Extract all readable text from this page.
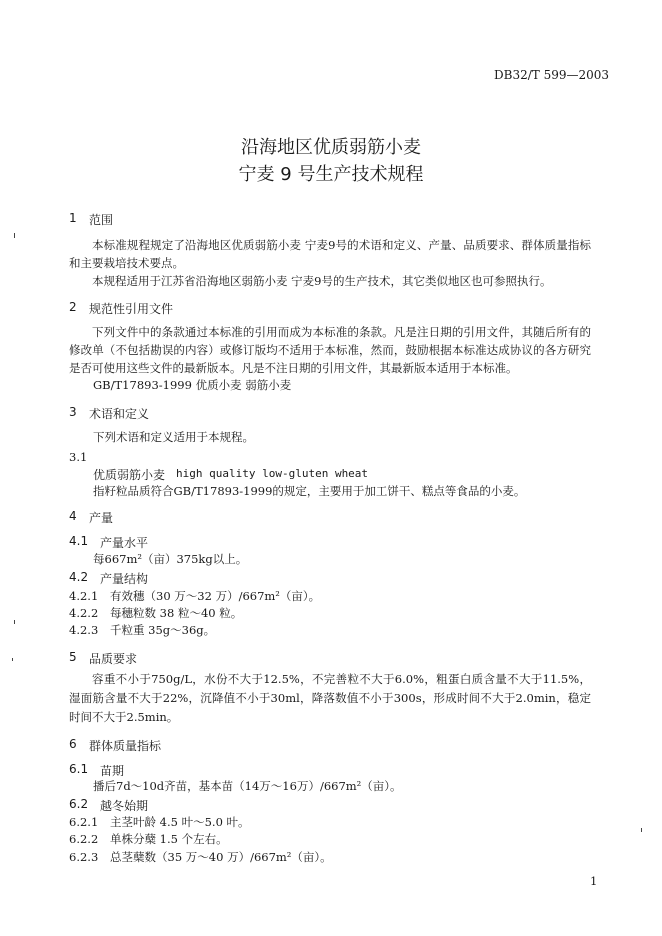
DB32/T 599—2003
沿海地区优质弱筋小麦
宁麦 9 号生产技术规程
1 范围
本标准规程规定了沿海地区优质弱筋小麦 宁麦9号的术语和定义、产量、品质要求、群体质量指标和主要栽培技术要点。
本规程适用于江苏省沿海地区弱筋小麦 宁麦9号的生产技术，其它类似地区也可参照执行。
2 规范性引用文件
下列文件中的条款通过本标准的引用而成为本标准的条款。凡是注日期的引用文件，其随后所有的修改单（不包括勘误的内容）或修订版均不适用于本标准，然而，鼓励根据本标准达成协议的各方研究是否可使用这些文件的最新版本。凡是不注日期的引用文件，其最新版本适用于本标准。
GB/T17893-1999 优质小麦 弱筋小麦
3 术语和定义
下列术语和定义适用于本规程。
3.1
优质弱筋小麦 high quality low-gluten wheat
指籽粒品质符合GB/T17893-1999的规定，主要用于加工饼干、糕点等食品的小麦。
4 产量
4.1 产量水平
每667m²（亩）375kg以上。
4.2 产量结构
4.2.1 有效穗（30 万～32 万）/667m²（亩）。
4.2.2 每穗粒数 38 粒～40 粒。
4.2.3 千粒重 35g～36g。
5 品质要求
容重不小于750g/L，水份不大于12.5%，不完善粒不大于6.0%，粗蛋白质含量不大于11.5%，湿面筋含量不大于22%，沉降值不小于30ml，降落数值不小于300s，形成时间不大于2.0min，稳定时间不大于2.5min。
6 群体质量指标
6.1 苗期
播后7d～10d齐苗，基本苗（14万～16万）/667m²（亩）。
6.2 越冬始期
6.2.1 主茎叶龄 4.5 叶～5.0 叶。
6.2.2 单株分蘖 1.5 个左右。
6.2.3 总茎蘖数（35 万～40 万）/667m²（亩）。
1
